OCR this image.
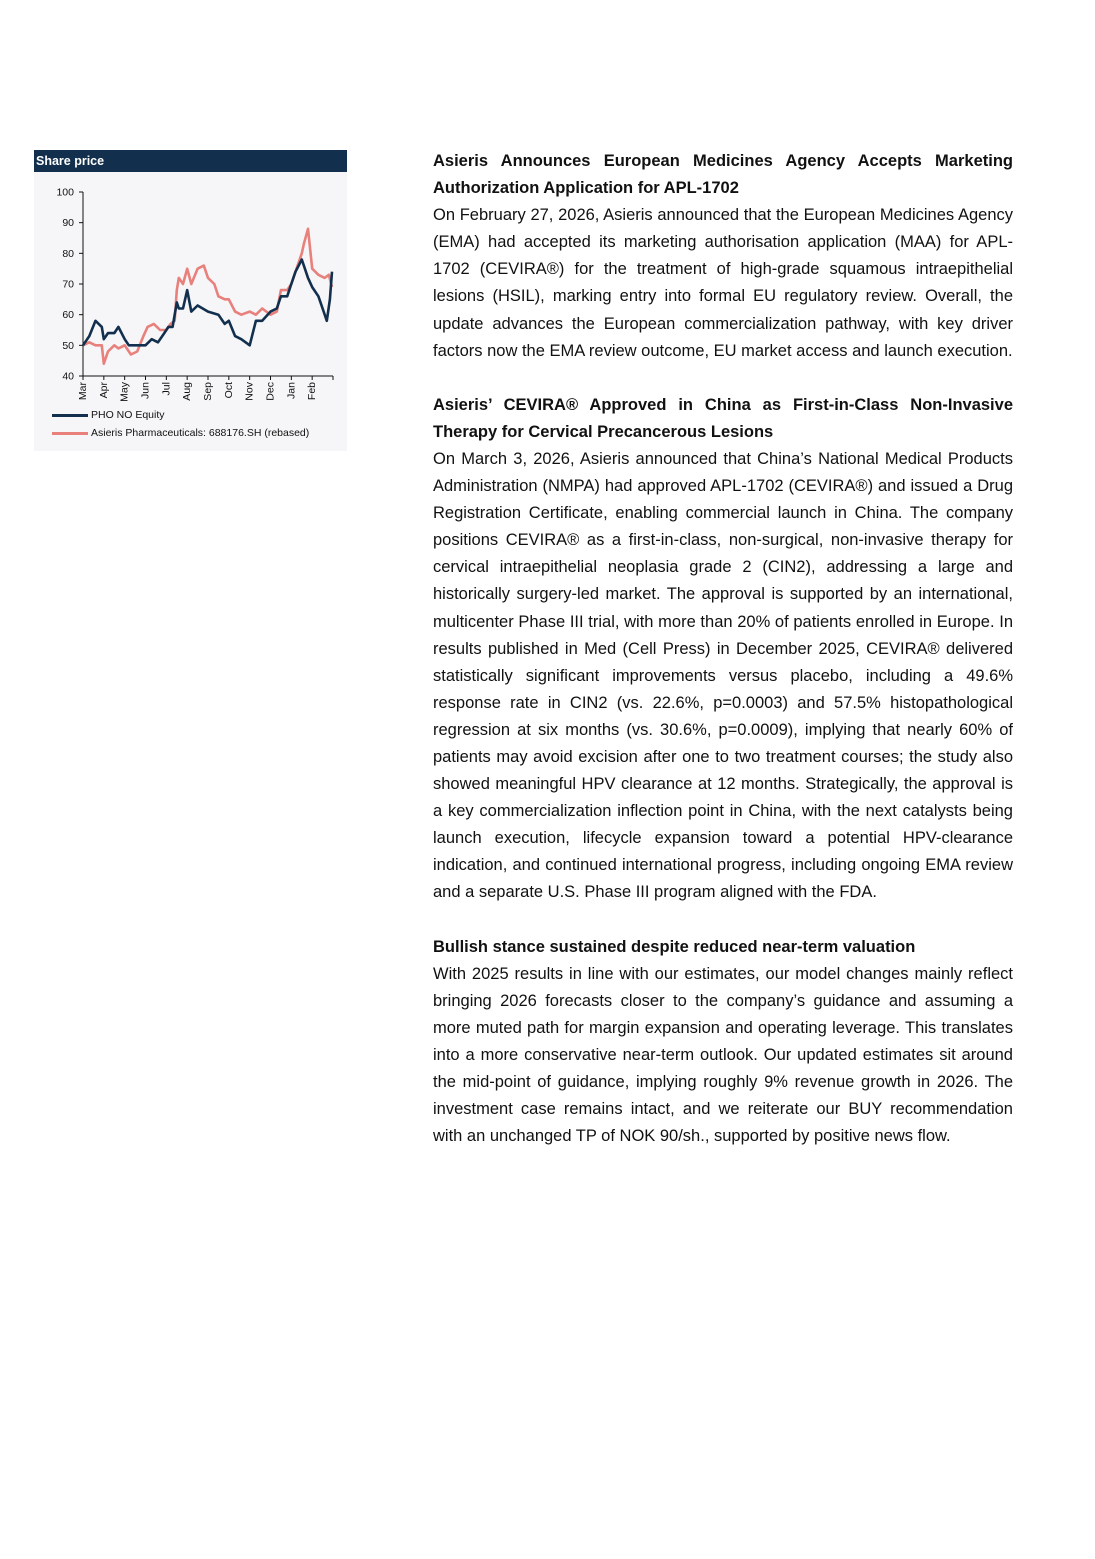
Share price
40
50
60
70
80
90
100
Mar Apr May Jun Jul Aug Sep Oct Nov Dec Jan Feb
PHO NO Equity
Asieris Pharmaceuticals: 688176.SH (rebased)
Asieris Announces European Medicines Agency Accepts Marketing Authorization Application for APL-1702

On February 27, 2026, Asieris announced that the European Medicines Agency (EMA) had accepted its marketing authorisation application (MAA) for APL-1702 (CEVIRA®) for the treatment of high-grade squamous intraepithelial lesions (HSIL), marking entry into formal EU regulatory review. Overall, the update advances the European commercialization pathway, with key driver factors now the EMA review outcome, EU market access and launch execution.

Asieris’ CEVIRA® Approved in China as First-in-Class Non-Invasive Therapy for Cervical Precancerous Lesions

On March 3, 2026, Asieris announced that China’s National Medical Products Administration (NMPA) had approved APL-1702 (CEVIRA®) and issued a Drug Registration Certificate, enabling commercial launch in China. The company positions CEVIRA® as a first-in-class, non-surgical, non-invasive therapy for cervical intraepithelial neoplasia grade 2 (CIN2), addressing a large and historically surgery-led market. The approval is supported by an international, multicenter Phase III trial, with more than 20% of patients enrolled in Europe. In results published in Med (Cell Press) in December 2025, CEVIRA® delivered statistically significant improvements versus placebo, including a 49.6% response rate in CIN2 (vs. 22.6%, p=0.0003) and 57.5% histopathological regression at six months (vs. 30.6%, p=0.0009), implying that nearly 60% of patients may avoid excision after one to two treatment courses; the study also showed meaningful HPV clearance at 12 months. Strategically, the approval is a key commercialization inflection point in China, with the next catalysts being launch execution, lifecycle expansion toward a potential HPV-clearance indication, and continued international progress, including ongoing EMA review and a separate U.S. Phase III program aligned with the FDA.

Bullish stance sustained despite reduced near-term valuation

With 2025 results in line with our estimates, our model changes mainly reflect bringing 2026 forecasts closer to the company’s guidance and assuming a more muted path for margin expansion and operating leverage. This translates into a more conservative near-term outlook. Our updated estimates sit around the mid-point of guidance, implying roughly 9% revenue growth in 2026. The investment case remains intact, and we reiterate our BUY recommendation with an unchanged TP of NOK 90/sh., supported by positive news flow.
